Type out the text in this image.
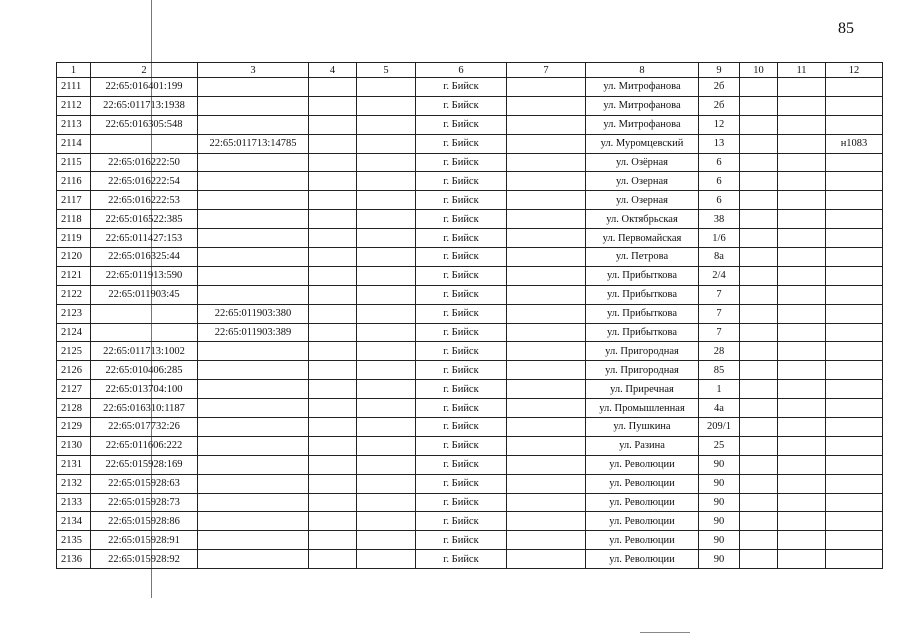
85
1	2	3	4	5	6	7	8	9	10	11	12
2111	22:65:016401:199				г. Бийск		ул. Митрофанова	2б			
2112	22:65:011713:1938				г. Бийск		ул. Митрофанова	2б			
2113	22:65:016305:548				г. Бийск		ул. Митрофанова	12			
2114		22:65:011713:14785			г. Бийск		ул. Муромцевский	13			н1083
2115	22:65:016222:50				г. Бийск		ул. Озёрная	6			
2116	22:65:016222:54				г. Бийск		ул. Озерная	6			
2117	22:65:016222:53				г. Бийск		ул. Озерная	6			
2118	22:65:016522:385				г. Бийск		ул. Октябрьская	38			
2119	22:65:011427:153				г. Бийск		ул. Первомайская	1/6			
2120	22:65:016325:44				г. Бийск		ул. Петрова	8а			
2121	22:65:011913:590				г. Бийск		ул. Прибыткова	2/4			
2122	22:65:011903:45				г. Бийск		ул. Прибыткова	7			
2123		22:65:011903:380			г. Бийск		ул. Прибыткова	7			
2124		22:65:011903:389			г. Бийск		ул. Прибыткова	7			
2125	22:65:011713:1002				г. Бийск		ул. Пригородная	28			
2126	22:65:010406:285				г. Бийск		ул. Пригородная	85			
2127	22:65:013704:100				г. Бийск		ул. Приречная	1			
2128	22:65:016310:1187				г. Бийск		ул. Промышленная	4а			
2129	22:65:017732:26				г. Бийск		ул. Пушкина	209/1			
2130	22:65:011606:222				г. Бийск		ул. Разина	25			
2131	22:65:015928:169				г. Бийск		ул. Революции	90			
2132	22:65:015928:63				г. Бийск		ул. Революции	90			
2133	22:65:015928:73				г. Бийск		ул. Революции	90			
2134	22:65:015928:86				г. Бийск		ул. Революции	90			
2135	22:65:015928:91				г. Бийск		ул. Революции	90			
2136	22:65:015928:92				г. Бийск		ул. Революции	90			
